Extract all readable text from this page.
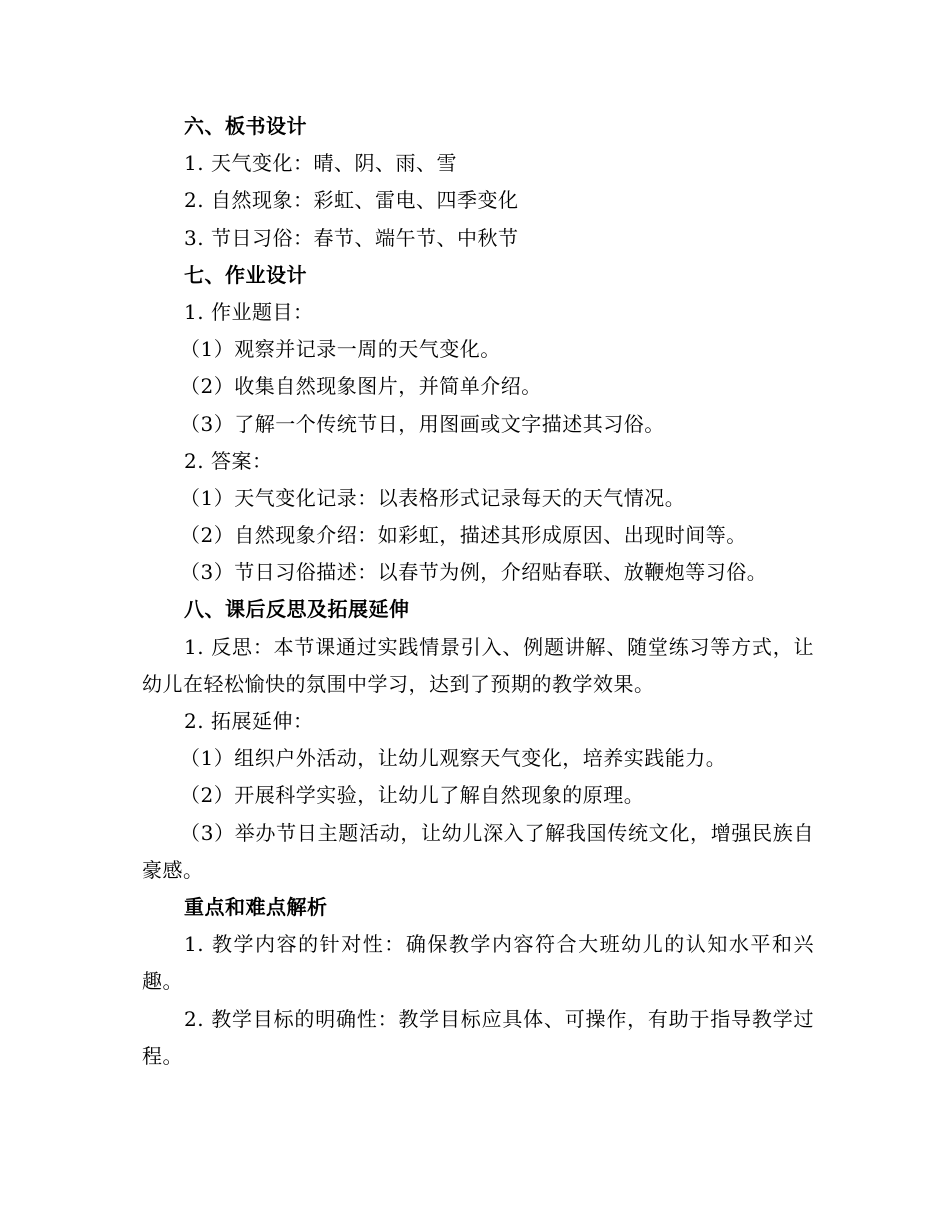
六、板书设计
1. 天气变化：晴、阴、雨、雪
2. 自然现象：彩虹、雷电、四季变化
3. 节日习俗：春节、端午节、中秋节
七、作业设计
1. 作业题目：
（1）观察并记录一周的天气变化。
（2）收集自然现象图片，并简单介绍。
（3）了解一个传统节日，用图画或文字描述其习俗。
2. 答案：
（1）天气变化记录：以表格形式记录每天的天气情况。
（2）自然现象介绍：如彩虹，描述其形成原因、出现时间等。
（3）节日习俗描述：以春节为例，介绍贴春联、放鞭炮等习俗。
八、课后反思及拓展延伸
1. 反思：本节课通过实践情景引入、例题讲解、随堂练习等方式，让幼儿在轻松愉快的氛围中学习，达到了预期的教学效果。
2. 拓展延伸：
（1）组织户外活动，让幼儿观察天气变化，培养实践能力。
（2）开展科学实验，让幼儿了解自然现象的原理。
（3）举办节日主题活动，让幼儿深入了解我国传统文化，增强民族自豪感。
重点和难点解析
1. 教学内容的针对性：确保教学内容符合大班幼儿的认知水平和兴趣。
2. 教学目标的明确性：教学目标应具体、可操作，有助于指导教学过程。
